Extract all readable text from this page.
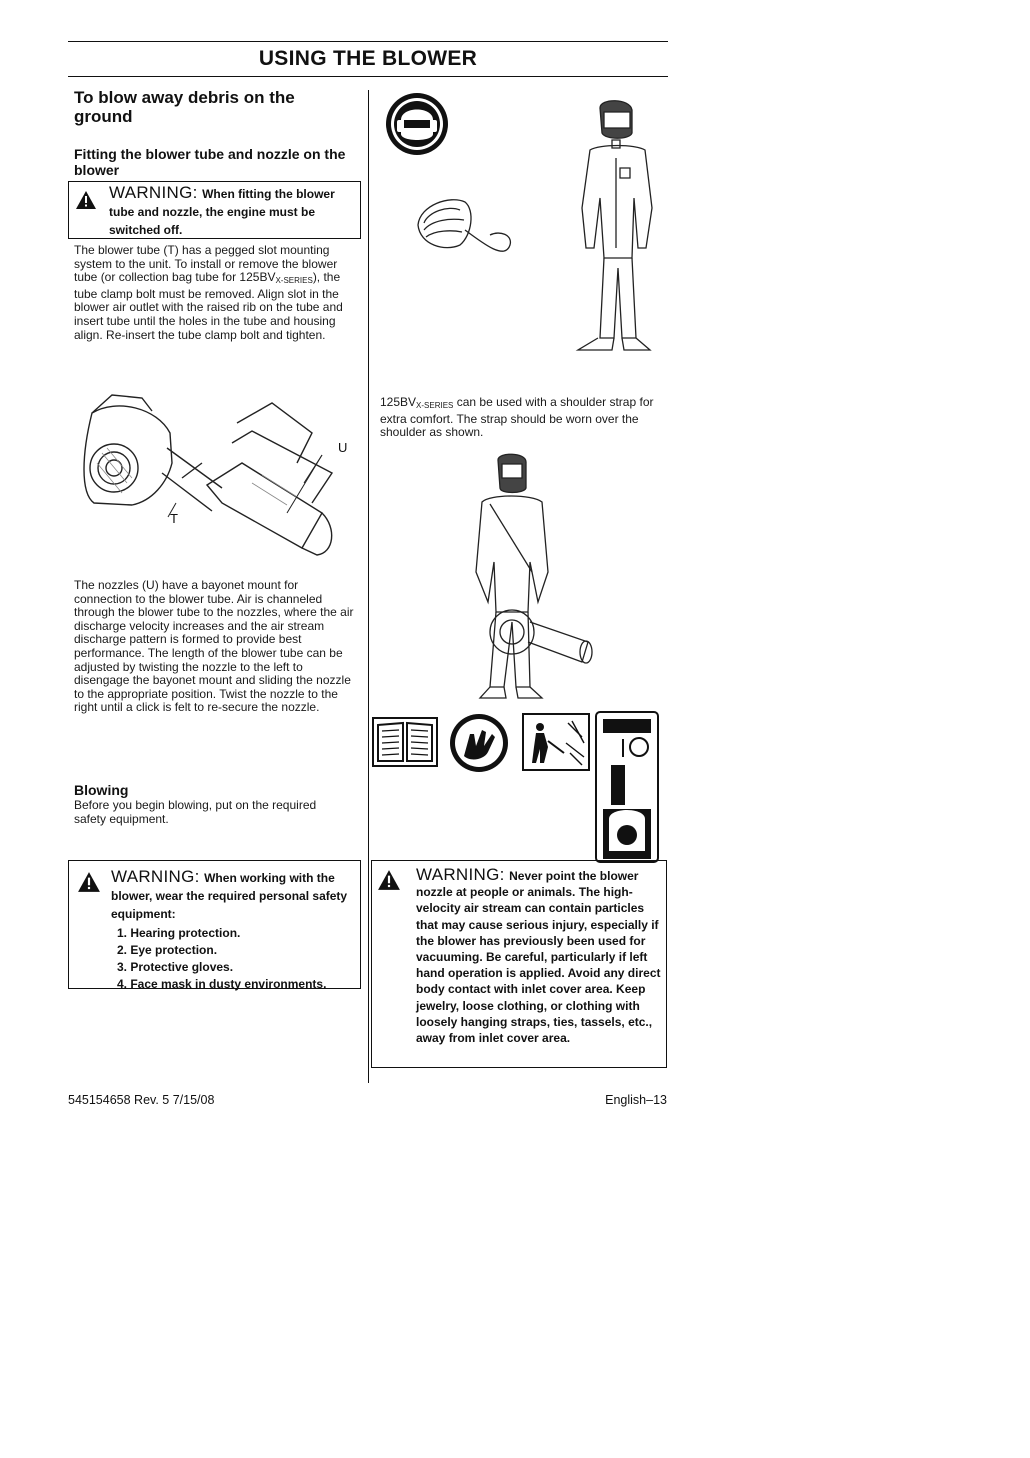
USING THE BLOWER
To blow away debris on the ground
Fitting the blower tube and nozzle on the blower
WARNING: When fitting the blower tube and nozzle, the engine must be switched off.
The blower tube (T) has a pegged slot mounting system to the unit. To install or remove the blower tube (or collection bag tube for $125BV_{X-SERIES}$), the tube clamp bolt must be removed. Align slot in the blower air outlet with the raised rib on the tube and insert tube until the holes in the tube and housing align. Re-insert the tube clamp bolt and tighten.
U
T
The nozzles (U) have a bayonet mount for connection to the blower tube. Air is channeled through the blower tube to the nozzles, where the air discharge velocity increases and the air stream discharge pattern is formed to provide best performance. The length of the blower tube can be adjusted by twisting the nozzle to the left to disengage the bayonet mount and sliding the nozzle to the appropriate position. Twist the nozzle to the right until a click is felt to re-secure the nozzle.
Blowing
Before you begin blowing, put on the required safety equipment.
WARNING: When working with the blower, wear the required personal safety equipment:
1. Hearing protection.
2. Eye protection.
3. Protective gloves.
4. Face mask in dusty environments.
$125BV_{X-SERIES}$ can be used with a shoulder strap for extra comfort. The strap should be worn over the shoulder as shown.
WARNING: Never point the blower nozzle at people or animals. The high-velocity air stream can contain particles that may cause serious injury, especially if the blower has previously been used for vacuuming. Be careful, particularly if left hand operation is applied. Avoid any direct body contact with inlet cover area. Keep jewelry, loose clothing, or clothing with loosely hanging straps, ties, tassels, etc., away from inlet cover area.
545154658 Rev. 5 7/15/08	English–13
